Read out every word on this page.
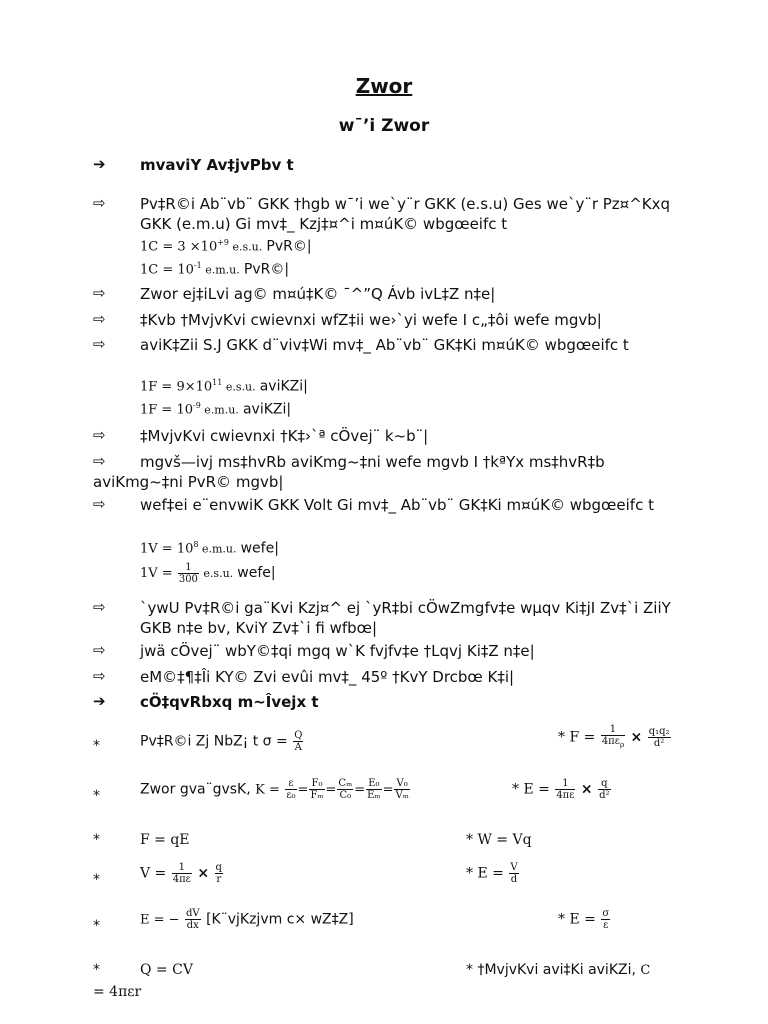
Zwor
w¯’i Zwor
➔ mvaviY Av‡jvPbv t
⇨ Pv‡R©i Ab¨vb¨ GKK †hgb w¯’i we`y¨r GKK (e.s.u) Ges we`y¨r Pz¤^Kxq GKK (e.m.u) Gi mv‡_ Kzj‡¤^i m¤úK© wbgœeifc t
$1C = 3 \times 10^{+9}$ e.s.u. PvR©|
$1C = 10^{-1}$ e.m.u. PvR©|
⇨ Zwor ej‡iLvi ag© m¤ú‡K© ¯^”Q Ávb ivL‡Z n‡e|
⇨ ‡Kvb †MvjvKvi cwievnxi wfZ‡ii we›`yi wefe I c„‡ôi wefe mgvb|
⇨	aviK‡Zii S.J GKK d¨viv‡Wi mv‡_ Ab¨vb¨ GK‡Ki m¤úK© wbgœeifc t
$1F = 9\times 10^{11}$ e.s.u. aviKZi|
$1F = 10^{-9}$ e.m.u. aviKZi|
⇨ ‡MvjvKvi cwievnxi †K‡›`ª cÖvej¨ k~b¨|
⇨	mgvš—ivj ms‡hvRb aviKmg~‡ni wefe mgvb I †kªYx ms‡hvR‡b aviKmg~‡ni PvR© mgvb|
⇨	wef‡ei e¨envwiK GKK Volt Gi mv‡_ Ab¨vb¨ GK‡Ki m¤úK© wbgœeifc t
$1V = 10^8$ e.m.u. wefe|
$1V = \frac{1}{300} e.s.u$. wefe|
⇨ `ywU Pv‡R©i ga¨Kvi Kzj¤^ ej `yR‡bi cÖwZmgfv‡e wµqv Ki‡jI Zv‡`i ZiiY GKB n‡e bv, KviY Zv‡`i fi wfbœ|
⇨ jwä cÖvej¨ wbY©‡qi mgq w`K fvjfv‡e †Lqvj Ki‡Z n‡e|
⇨ eM©‡¶‡Îi KY© Zvi evûi mv‡_ 45º †KvY Drcbœ K‡i|
➔ cÖ‡qvRbxq m~Îvejx t
*	Pv‡R©i Zj NbZ¡ t $\sigma = \frac{Q}{A}$	* $F = \frac{1}{4\pi\varepsilon_\rho} \times \frac{\text{q₁q₂}}{\text{d²}}$
*	Zwor gva¨gvsK, $K = \frac{\varepsilon}{\text{ε₀}} = \frac{\text{F₀}}{\text{Fₘ}} = \frac{\text{Cₘ}}{\text{C₀}} = \frac{\text{E₀}}{\text{Eₘ}} = \frac{\text{V₀}}{\text{Vₘ}}$	* $E = \frac{1}{4\pi\varepsilon} \times \frac{q}{\text{d²}}$
*	F = qE	* W = Vq
*	$V = \frac{1}{4\pi\varepsilon} \times \frac{q}{r}$	* $E = \frac{V}{d}$
*	E = − $\frac{dV}{dx}$ [K¨vjKzjvm c× wZ‡Z]	* $E = \frac{\sigma}{\varepsilon}$
*	Q = CV	* †MvjvKvi avi‡Ki aviKZi, C
= 4πεr
